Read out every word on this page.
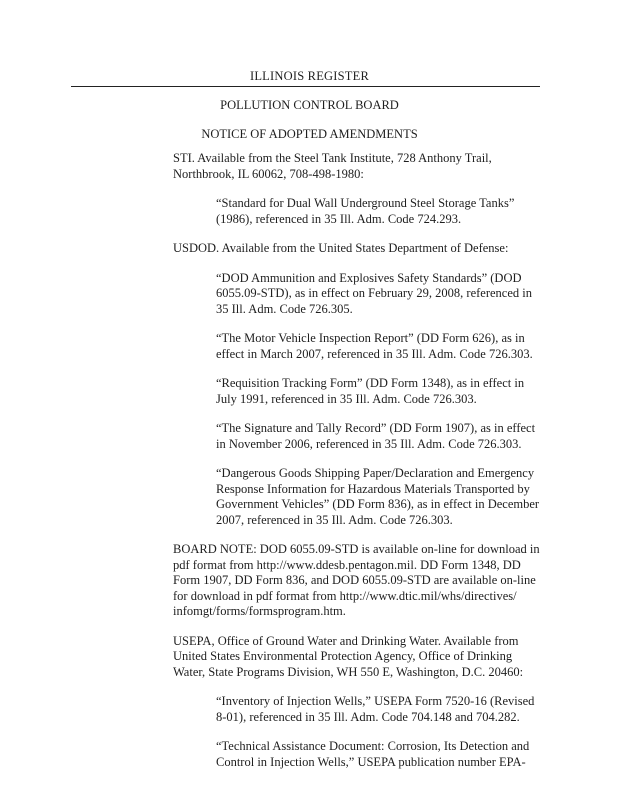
ILLINOIS REGISTER
POLLUTION CONTROL BOARD
NOTICE OF ADOPTED AMENDMENTS

STI. Available from the Steel Tank Institute, 728 Anthony Trail, Northbrook, IL 60062, 708-498-1980:

“Standard for Dual Wall Underground Steel Storage Tanks” (1986), referenced in 35 Ill. Adm. Code 724.293.

USDOD. Available from the United States Department of Defense:

“DOD Ammunition and Explosives Safety Standards” (DOD 6055.09-STD), as in effect on February 29, 2008, referenced in 35 Ill. Adm. Code 726.305.

“The Motor Vehicle Inspection Report” (DD Form 626), as in effect in March 2007, referenced in 35 Ill. Adm. Code 726.303.

“Requisition Tracking Form” (DD Form 1348), as in effect in July 1991, referenced in 35 Ill. Adm. Code 726.303.

“The Signature and Tally Record” (DD Form 1907), as in effect in November 2006, referenced in 35 Ill. Adm. Code 726.303.

“Dangerous Goods Shipping Paper/Declaration and Emergency Response Information for Hazardous Materials Transported by Government Vehicles” (DD Form 836), as in effect in December 2007, referenced in 35 Ill. Adm. Code 726.303.

BOARD NOTE: DOD 6055.09-STD is available on-line for download in pdf format from http://www.ddesb.pentagon.mil. DD Form 1348, DD Form 1907, DD Form 836, and DOD 6055.09-STD are available on-line for download in pdf format from http://www.dtic.mil/whs/directives/ infomgt/forms/formsprogram.htm.

USEPA, Office of Ground Water and Drinking Water. Available from United States Environmental Protection Agency, Office of Drinking Water, State Programs Division, WH 550 E, Washington, D.C. 20460:

“Inventory of Injection Wells,” USEPA Form 7520-16 (Revised 8-01), referenced in 35 Ill. Adm. Code 704.148 and 704.282.

“Technical Assistance Document: Corrosion, Its Detection and Control in Injection Wells,” USEPA publication number EPA-
